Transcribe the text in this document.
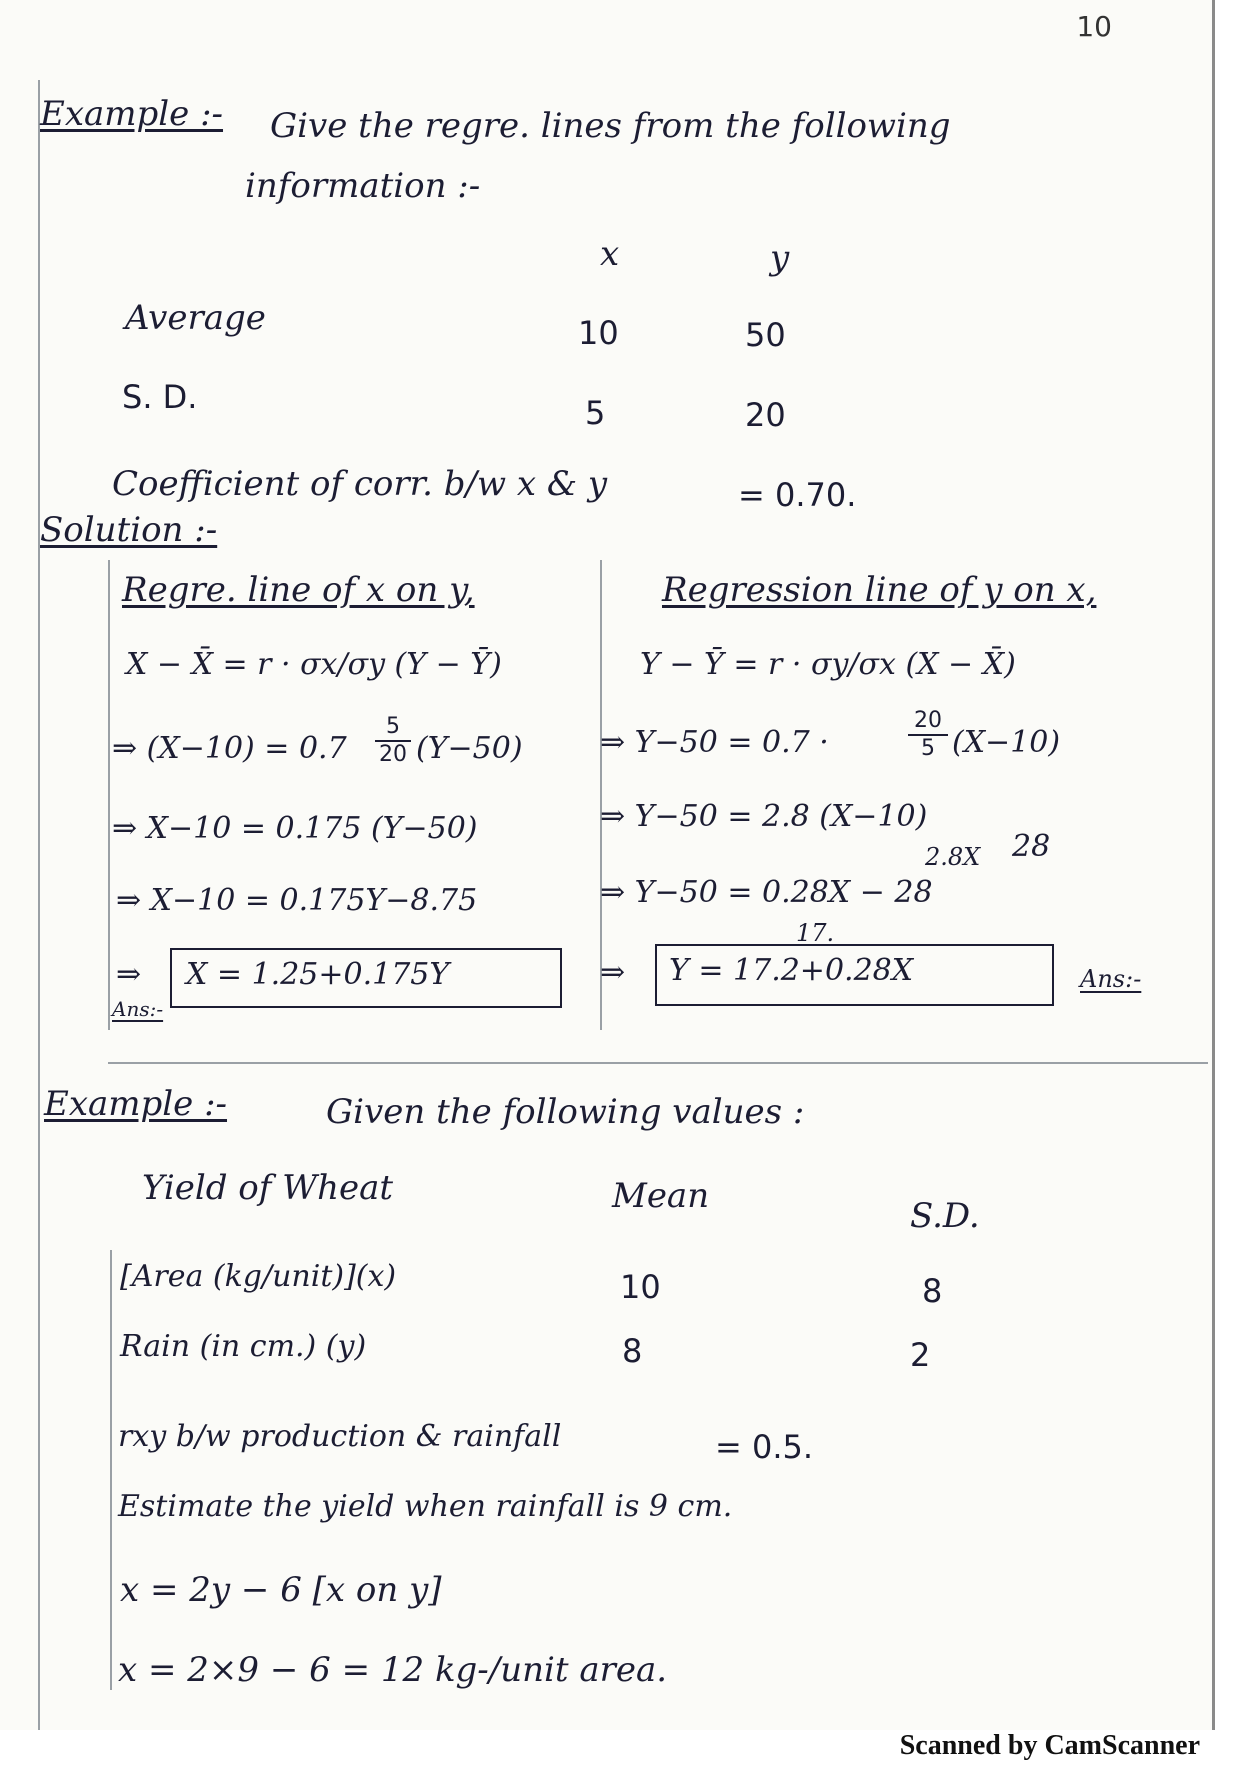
10
Example :- Give the regre. lines from the following
information :-
x	y
Average	10	50
S. D.	5	20
Coefficient of corr. b/w x & y	= 0.70.
Solution :-
Regre. line of x on y,
X − X̄ = r · σx/σy (Y − Ȳ)
⇒ (X−10) = 0.7
5
20 (Y−50)
⇒ X−10 = 0.175 (Y−50)
⇒ X−10 = 0.175Y−8.75
⇒ X = 1.25+0.175Y
Ans:-
Regression line of y on x,
Y − Ȳ = r · σy/σx (X − X̄)
⇒ Y−50 = 0.7 ·
20
5 (X−10)
⇒ Y−50 = 2.8 (X−10)
2.8X 28
⇒ Y−50 = 0.28X − 28
17.
⇒ Y = 17.2+0.28X	Ans:-
Example :-	Given the following values :
Yield of Wheat	Mean	S.D.
[Area (kg/unit)](x)	10	8
Rain (in cm.) (y)	8	2
rxy b/w production & rainfall	= 0.5.
Estimate the yield when rainfall is 9 cm.
x = 2y − 6 [x on y]
x = 2×9 − 6 = 12 kg-/unit area.
Scanned by CamScanner
